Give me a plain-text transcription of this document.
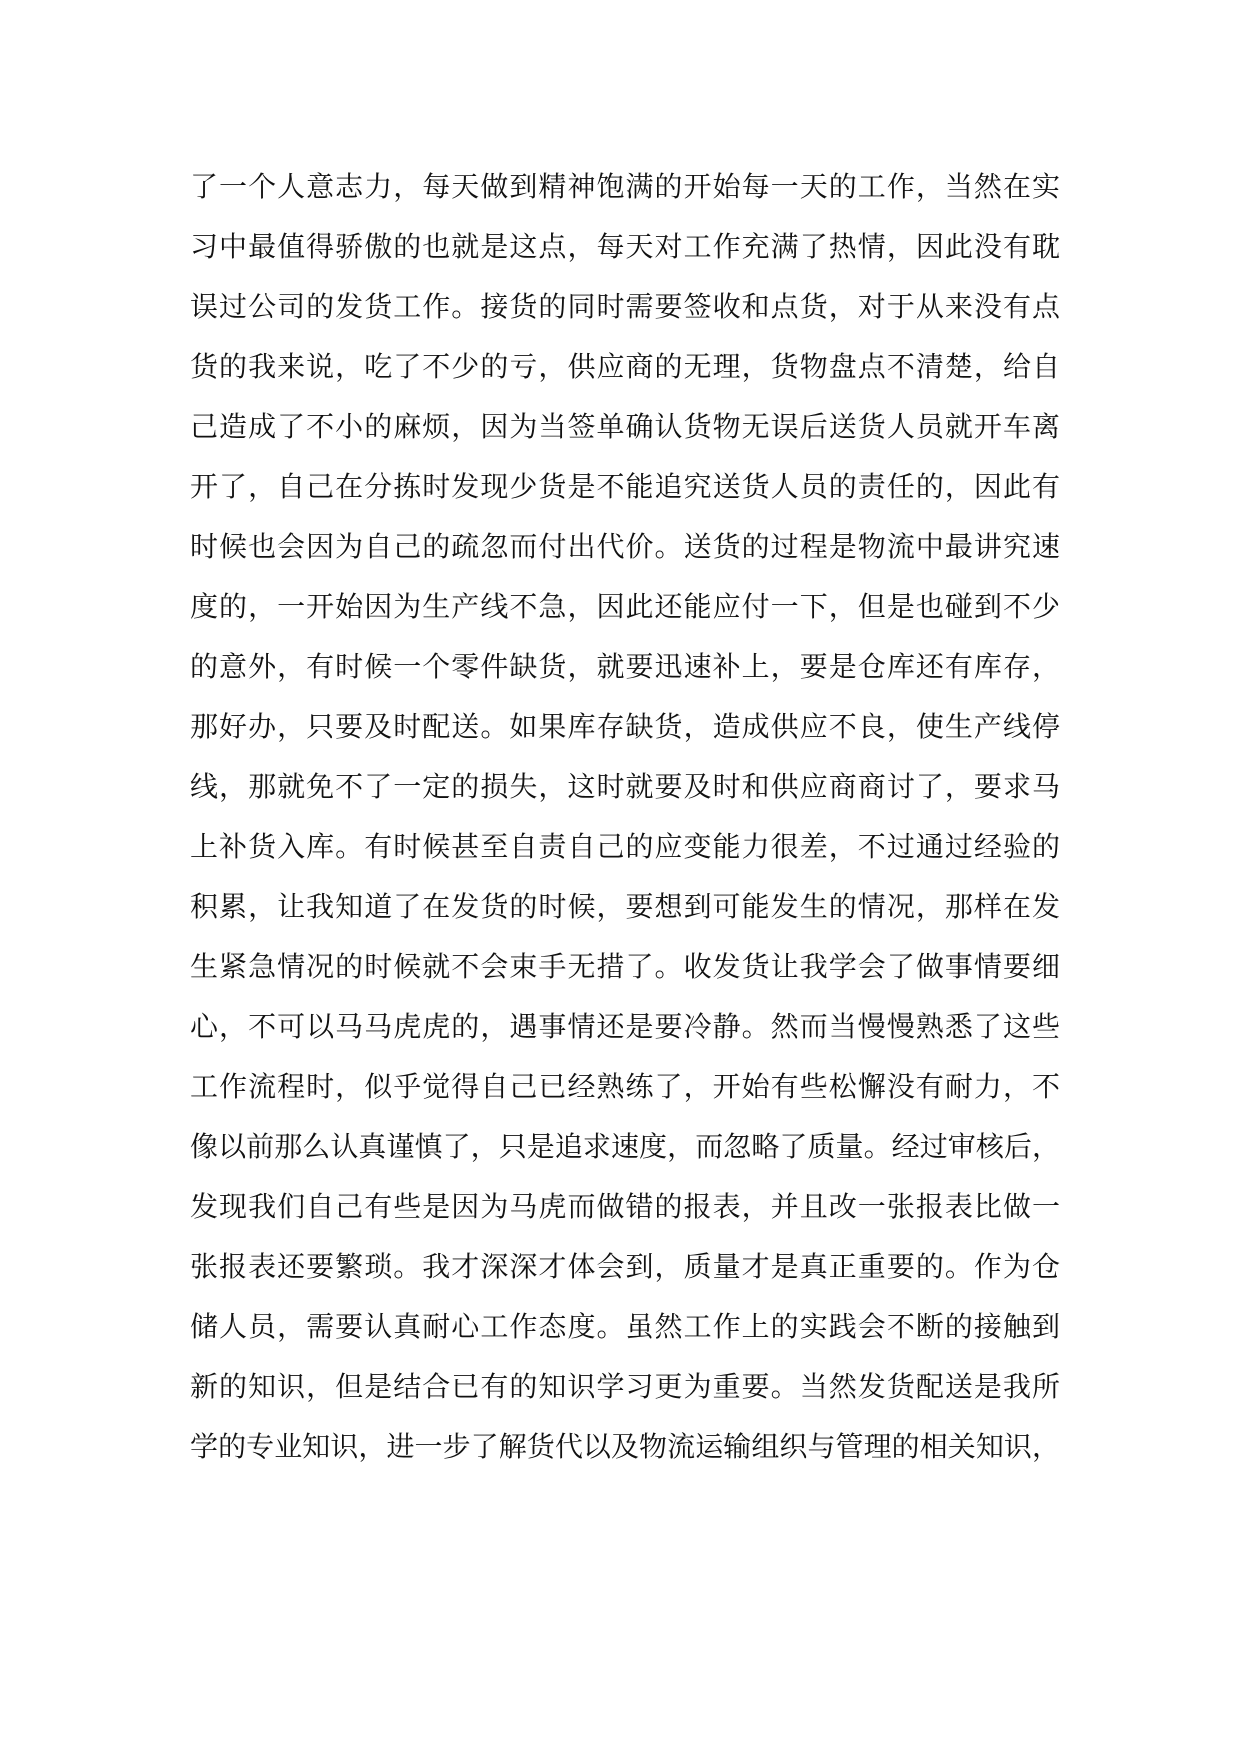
了一个人意志力，每天做到精神饱满的开始每一天的工作，当然在实
习中最值得骄傲的也就是这点，每天对工作充满了热情，因此没有耽
误过公司的发货工作。接货的同时需要签收和点货，对于从来没有点
货的我来说，吃了不少的亏，供应商的无理，货物盘点不清楚，给自
己造成了不小的麻烦，因为当签单确认货物无误后送货人员就开车离
开了，自己在分拣时发现少货是不能追究送货人员的责任的，因此有
时候也会因为自己的疏忽而付出代价。送货的过程是物流中最讲究速
度的，一开始因为生产线不急，因此还能应付一下，但是也碰到不少
的意外，有时候一个零件缺货，就要迅速补上，要是仓库还有库存，
那好办，只要及时配送。如果库存缺货，造成供应不良，使生产线停
线，那就免不了一定的损失，这时就要及时和供应商商讨了，要求马
上补货入库。有时候甚至自责自己的应变能力很差，不过通过经验的
积累，让我知道了在发货的时候，要想到可能发生的情况，那样在发
生紧急情况的时候就不会束手无措了。收发货让我学会了做事情要细
心，不可以马马虎虎的，遇事情还是要冷静。然而当慢慢熟悉了这些
工作流程时，似乎觉得自己已经熟练了，开始有些松懈没有耐力，不
像以前那么认真谨慎了，只是追求速度，而忽略了质量。经过审核后，
发现我们自己有些是因为马虎而做错的报表，并且改一张报表比做一
张报表还要繁琐。我才深深才体会到，质量才是真正重要的。作为仓
储人员，需要认真耐心工作态度。虽然工作上的实践会不断的接触到
新的知识，但是结合已有的知识学习更为重要。当然发货配送是我所
学的专业知识，进一步了解货代以及物流运输组织与管理的相关知识，
